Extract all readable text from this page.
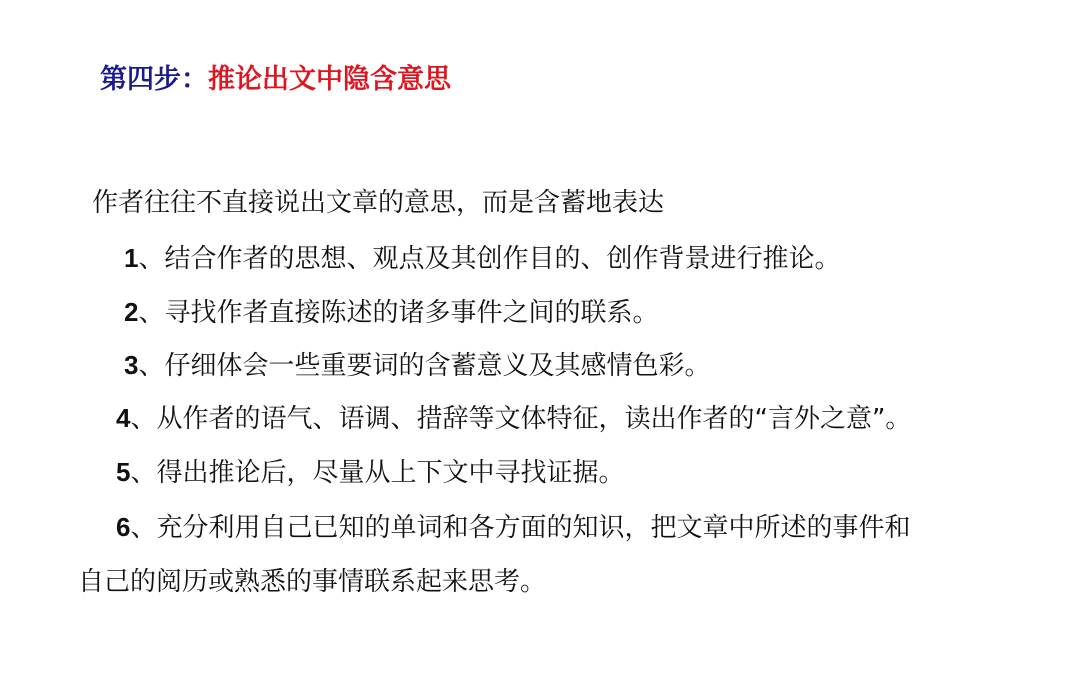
第四步：推论出文中隐含意思
作者往往不直接说出文章的意思，而是含蓄地表达
1、结合作者的思想、观点及其创作目的、创作背景进行推论。
2、寻找作者直接陈述的诸多事件之间的联系。
3、仔细体会一些重要词的含蓄意义及其感情色彩。
4、从作者的语气、语调、措辞等文体特征，读出作者的“言外之意”。
5、得出推论后，尽量从上下文中寻找证据。
6、充分利用自己已知的单词和各方面的知识，把文章中所述的事件和
自己的阅历或熟悉的事情联系起来思考。
